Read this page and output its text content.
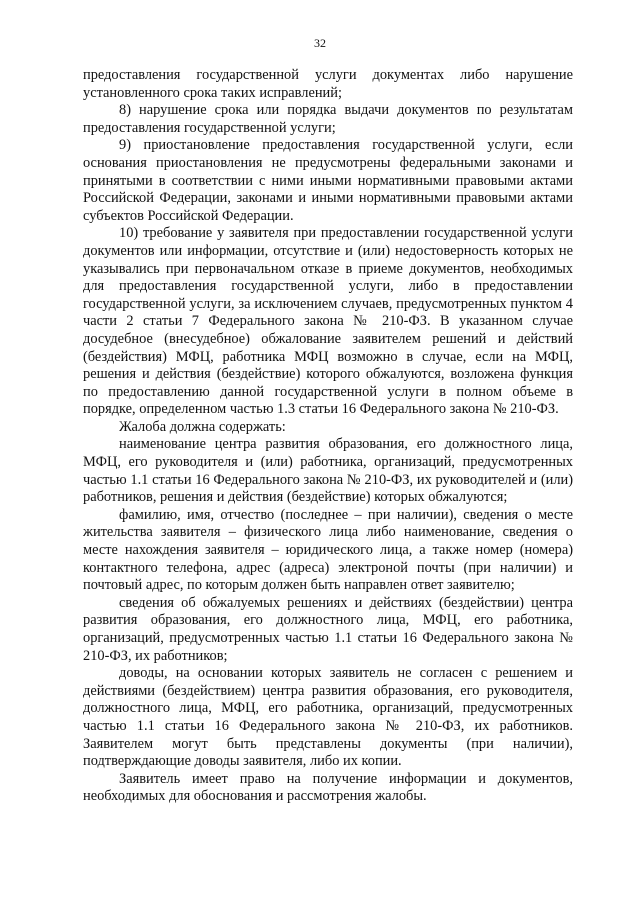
32

предоставления государственной услуги документах либо нарушение установленного срока таких исправлений;

8) нарушение срока или порядка выдачи документов по результатам предоставления государственной услуги;

9) приостановление предоставления государственной услуги, если основания приостановления не предусмотрены федеральными законами и принятыми в соответствии с ними иными нормативными правовыми актами Российской Федерации, законами и иными нормативными правовыми актами субъектов Российской Федерации.

10) требование у заявителя при предоставлении государственной услуги документов или информации, отсутствие и (или) недостоверность которых не указывались при первоначальном отказе в приеме документов, необходимых для предоставления государственной услуги, либо в предоставлении государственной услуги, за исключением случаев, предусмотренных пунктом 4 части 2 статьи 7 Федерального закона № 210-ФЗ. В указанном случае досудебное (внесудебное) обжалование заявителем решений и действий (бездействия) МФЦ, работника МФЦ возможно в случае, если на МФЦ, решения и действия (бездействие) которого обжалуются, возложена функция по предоставлению данной государственной услуги в полном объеме в порядке, определенном частью 1.3 статьи 16 Федерального закона № 210-ФЗ.

Жалоба должна содержать:

наименование центра развития образования, его должностного лица, МФЦ, его руководителя и (или) работника, организаций, предусмотренных частью 1.1 статьи 16 Федерального закона № 210-ФЗ, их руководителей и (или) работников, решения и действия (бездействие) которых обжалуются;

фамилию, имя, отчество (последнее – при наличии), сведения о месте жительства заявителя – физического лица либо наименование, сведения о месте нахождения заявителя – юридического лица, а также номер (номера) контактного телефона, адрес (адреса) электроной почты (при наличии) и почтовый адрес, по которым должен быть направлен ответ заявителю;

сведения об обжалуемых решениях и действиях (бездействии) центра развития образования, его должностного лица, МФЦ, его работника, организаций, предусмотренных частью 1.1 статьи 16 Федерального закона № 210-ФЗ, их работников;

доводы, на основании которых заявитель не согласен с решением и действиями (бездействием) центра развития образования, его руководителя, должностного лица, МФЦ, его работника, организаций, предусмотренных частью 1.1 статьи 16 Федерального закона № 210-ФЗ, их работников. Заявителем могут быть представлены документы (при наличии), подтверждающие доводы заявителя, либо их копии.

Заявитель имеет право на получение информации и документов, необходимых для обоснования и рассмотрения жалобы.
